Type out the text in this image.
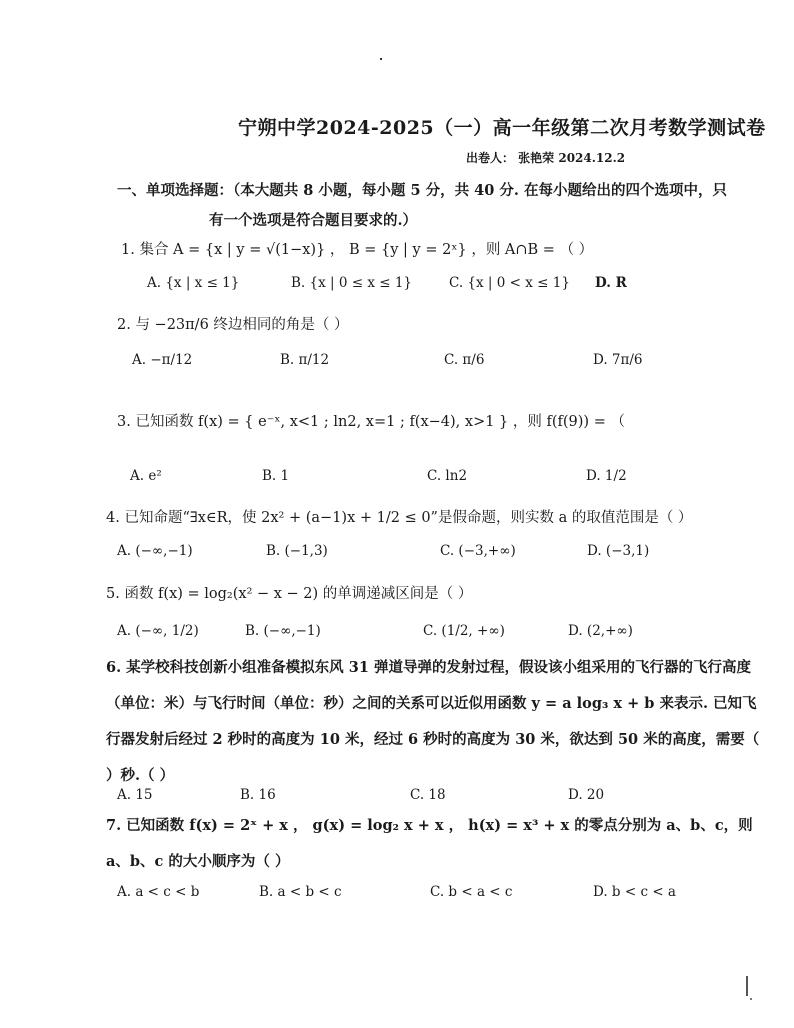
宁朔中学2024-2025（一）高一年级第二次月考数学测试卷
出卷人： 张艳荣 2024.12.2
一、单项选择题：（本大题共 8 小题，每小题 5 分，共 40 分. 在每小题给出的四个选项中，只
有一个选项是符合题目要求的.）
1. 集合 A = {x | y = √(1−x)} ， B = {y | y = 2ˣ} ，则 A∩B = （ ）
A. {x | x ≤ 1}	B. {x | 0 ≤ x ≤ 1}	C. {x | 0 < x ≤ 1} D. R
2. 与 −23π/6 终边相同的角是（ ）
A. −π/12	B. π/12	C. π/6	D. 7π/6
3. 已知函数 f(x) = { e⁻ˣ, x<1 ; ln2, x=1 ; f(x−4), x>1 } ，则 f(f(9)) = （
A. e²	B. 1	C. ln2	D. 1/2
4. 已知命题“∃x∈R，使 2x² + (a−1)x + 1/2 ≤ 0”是假命题，则实数 a 的取值范围是（ ）
A. (−∞,−1)	B. (−1,3)	C. (−3,+∞)	D. (−3,1)
5. 函数 f(x) = log₂(x² − x − 2) 的单调递减区间是（ ）
A. (−∞, 1/2)	B. (−∞,−1)	C. (1/2, +∞)	D. (2,+∞)
6. 某学校科技创新小组准备模拟东风 31 弹道导弹的发射过程，假设该小组采用的飞行器的飞行高度（单位：米）与飞行时间（单位：秒）之间的关系可以近似用函数 y = a log₃ x + b 来表示. 已知飞行器发射后经过 2 秒时的高度为 10 米，经过 6 秒时的高度为 30 米，欲达到 50 米的高度，需要（ ）秒.（ ）
A. 15	B. 16	C. 18	D. 20
7. 已知函数 f(x) = 2ˣ + x ， g(x) = log₂ x + x ， h(x) = x³ + x 的零点分别为 a、b、c，则 a、b、c 的大小顺序为（ ）
A. a < c < b	B. a < b < c	C. b < a < c	D. b < c < a
